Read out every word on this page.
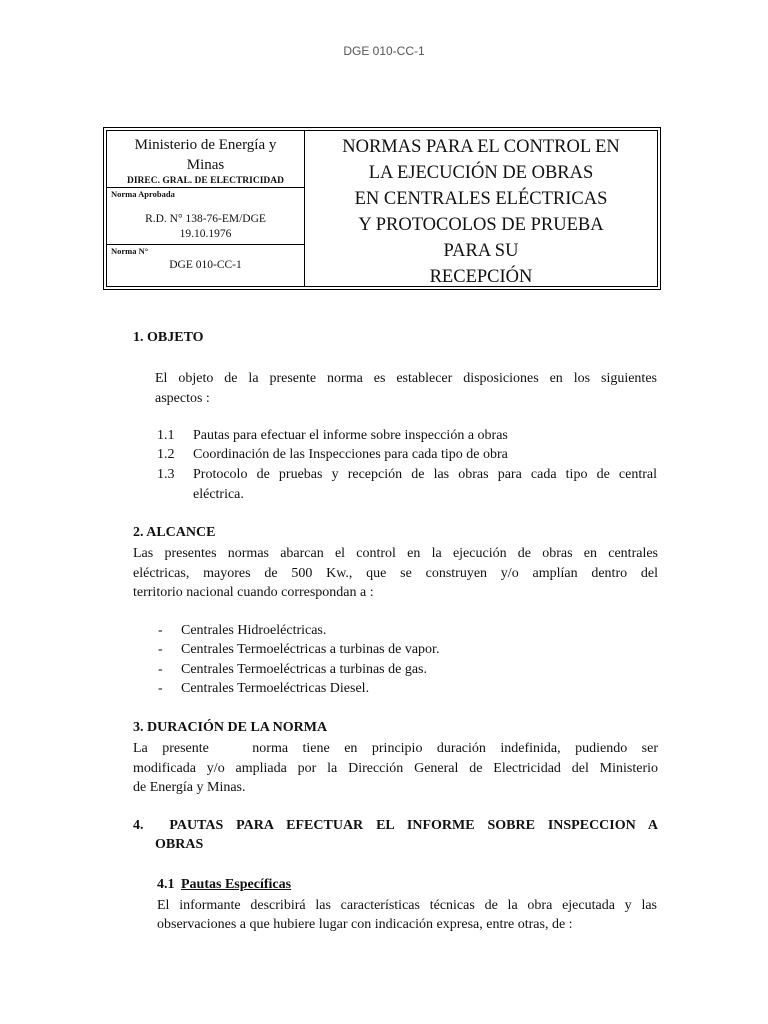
DGE 010-CC-1
Ministerio de Energía y
Minas
DIREC. GRAL. DE ELECTRICIDAD
Norma Aprobada
R.D. N° 138-76-EM/DGE
19.10.1976
Norma N°
DGE 010-CC-1
NORMAS PARA EL CONTROL EN
LA EJECUCIÓN DE OBRAS
EN CENTRALES ELÉCTRICAS
Y PROTOCOLOS DE PRUEBA
PARA SU
RECEPCIÓN
1. OBJETO
El objeto de la presente norma es establecer disposiciones en los siguientes
aspectos :
1.1 Pautas para efectuar el informe sobre inspección a obras
1.2 Coordinación de las Inspecciones para cada tipo de obra
1.3 Protocolo de pruebas y recepción de las obras para cada tipo de central
eléctrica.
2. ALCANCE
Las presentes normas abarcan el control en la ejecución de obras en centrales
eléctricas, mayores de 500 Kw., que se construyen y/o amplían dentro del
territorio nacional cuando correspondan a :
- Centrales Hidroeléctricas.
- Centrales Termoeléctricas a turbinas de vapor.
- Centrales Termoeléctricas a turbinas de gas.
- Centrales Termoeléctricas Diesel.
3. DURACIÓN DE LA NORMA
La presente   norma tiene en principio duración indefinida, pudiendo ser
modificada y/o ampliada por la Dirección General de Electricidad del Ministerio
de Energía y Minas.
4.  PAUTAS PARA EFECTUAR EL INFORME SOBRE INSPECCION A
OBRAS
4.1 Pautas Específicas
El informante describirá las características técnicas de la obra ejecutada y las
observaciones a que hubiere lugar con indicación expresa, entre otras, de :
